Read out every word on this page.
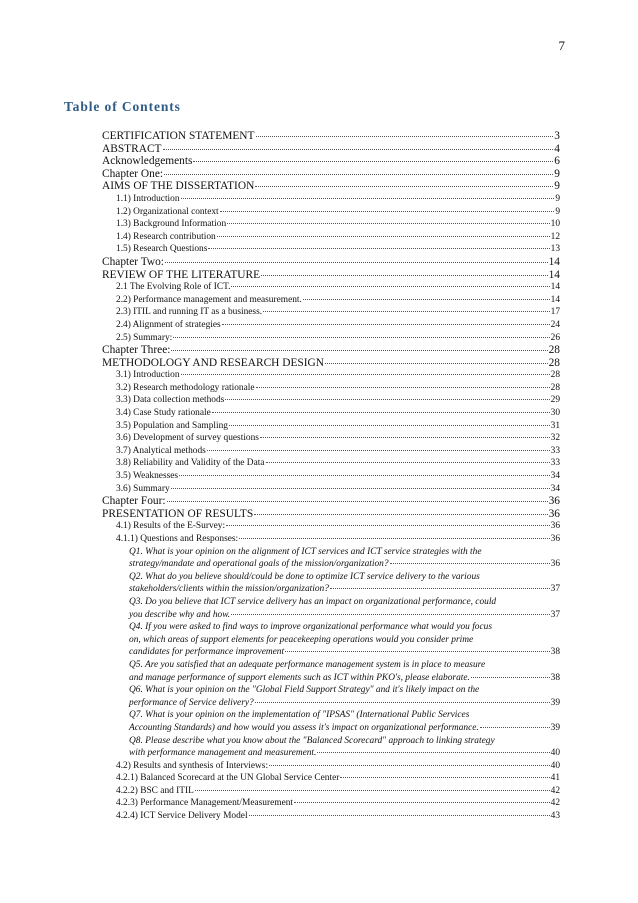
7
Table of Contents
CERTIFICATION STATEMENT	3
ABSTRACT	4
Acknowledgements	6
Chapter One:	9
AIMS OF THE DISSERTATION	9
1.1) Introduction	9
1.2) Organizational context	9
1.3) Background Information	10
1.4) Research contribution	12
1.5) Research Questions	13
Chapter Two:	14
REVIEW OF THE LITERATURE	14
2.1 The Evolving Role of ICT.	14
2.2) Performance management and measurement.	14
2.3) ITIL and running IT as a business.	17
2.4) Alignment of strategies	24
2.5) Summary:	26
Chapter Three:	28
METHODOLOGY AND RESEARCH DESIGN	28
3.1) Introduction	28
3.2) Research methodology rationale	28
3.3) Data collection methods	29
3.4) Case Study rationale	30
3.5) Population and Sampling	31
3.6) Development of survey questions	32
3.7) Analytical methods	33
3.8) Reliability and Validity of the Data	33
3.5) Weaknesses	34
3.6) Summary	34
Chapter Four:	36
PRESENTATION OF RESULTS	36
4.1) Results of the E-Survey:	36
4.1.1) Questions and Responses:	36
Q1. What is your opinion on the alignment of ICT services and ICT service strategies with the
strategy/mandate and operational goals of the mission/organization?	36
Q2. What do you believe should/could be done to optimize ICT service delivery to the various
stakeholders/clients within the mission/organization?	37
Q3. Do you believe that ICT service delivery has an impact on organizational performance, could
you describe why and how.	37
Q4. If you were asked to find ways to improve organizational performance what would you focus
on, which areas of support elements for peacekeeping operations would you consider prime
candidates for performance improvement	38
Q5. Are you satisfied that an adequate performance management system is in place to measure
and manage performance of support elements such as ICT within PKO's, please elaborate.	38
Q6. What is your opinion on the "Global Field Support Strategy" and it's likely impact on the
performance of Service delivery?	39
Q7. What is your opinion on the implementation of "IPSAS" (International Public Services
Accounting Standards) and how would you assess it's impact on organizational performance.	39
Q8. Please describe what you know about the "Balanced Scorecard" approach to linking strategy
with performance management and measurement.	40
4.2) Results and synthesis of Interviews:	40
4.2.1) Balanced Scorecard at the UN Global Service Center	41
4.2.2) BSC and ITIL	42
4.2.3) Performance Management/Measurement	42
4.2.4) ICT Service Delivery Model	43
